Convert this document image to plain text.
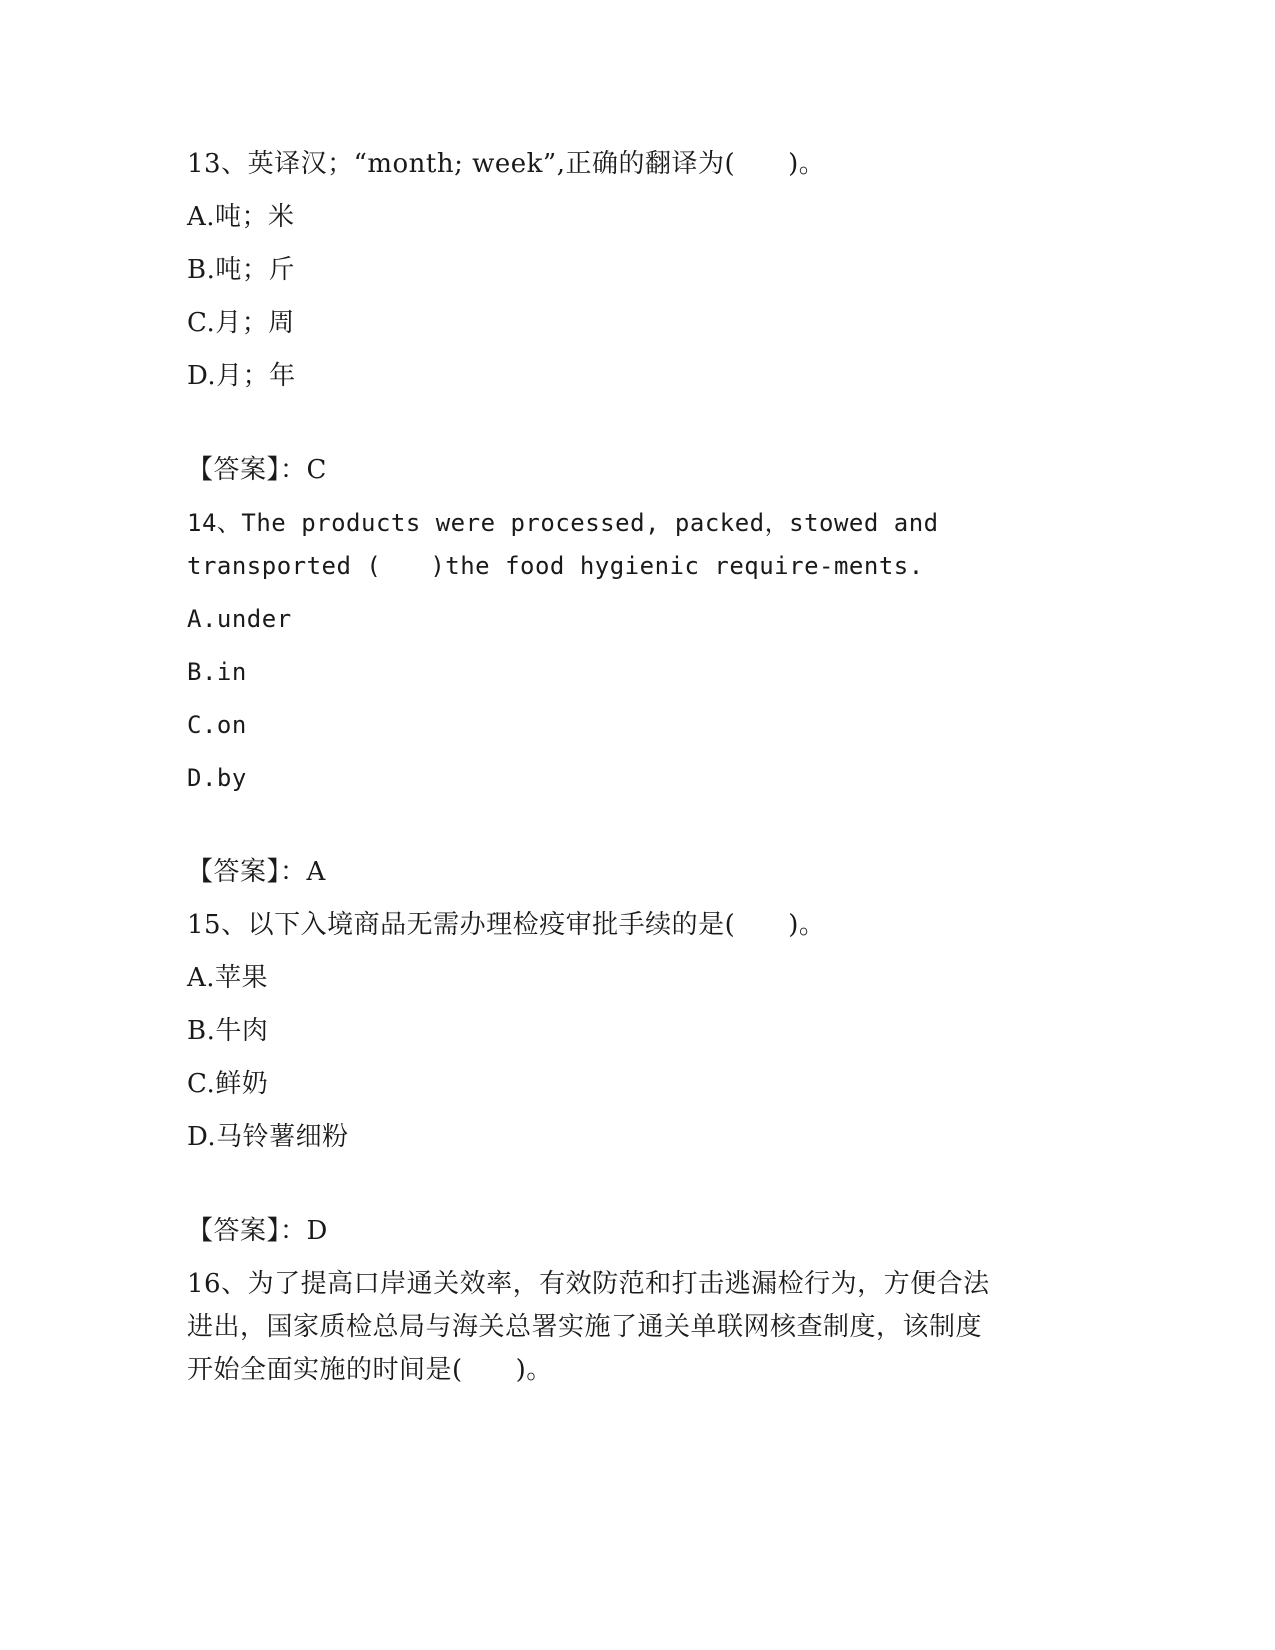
13、英译汉；“month; week”,正确的翻译为(　　)。
A.吨；米
B.吨；斤
C.月；周
D.月；年
【答案】：C
14、The products were processed, packed，stowed and
transported (　　)the food hygienic require-ments.
A.under
B.in
C.on
D.by
【答案】：A
15、以下入境商品无需办理检疫审批手续的是(　　)。
A.苹果
B.牛肉
C.鲜奶
D.马铃薯细粉
【答案】：D
16、为了提高口岸通关效率，有效防范和打击逃漏检行为，方便合法
进出，国家质检总局与海关总署实施了通关单联网核查制度，该制度
开始全面实施的时间是(　　)。
